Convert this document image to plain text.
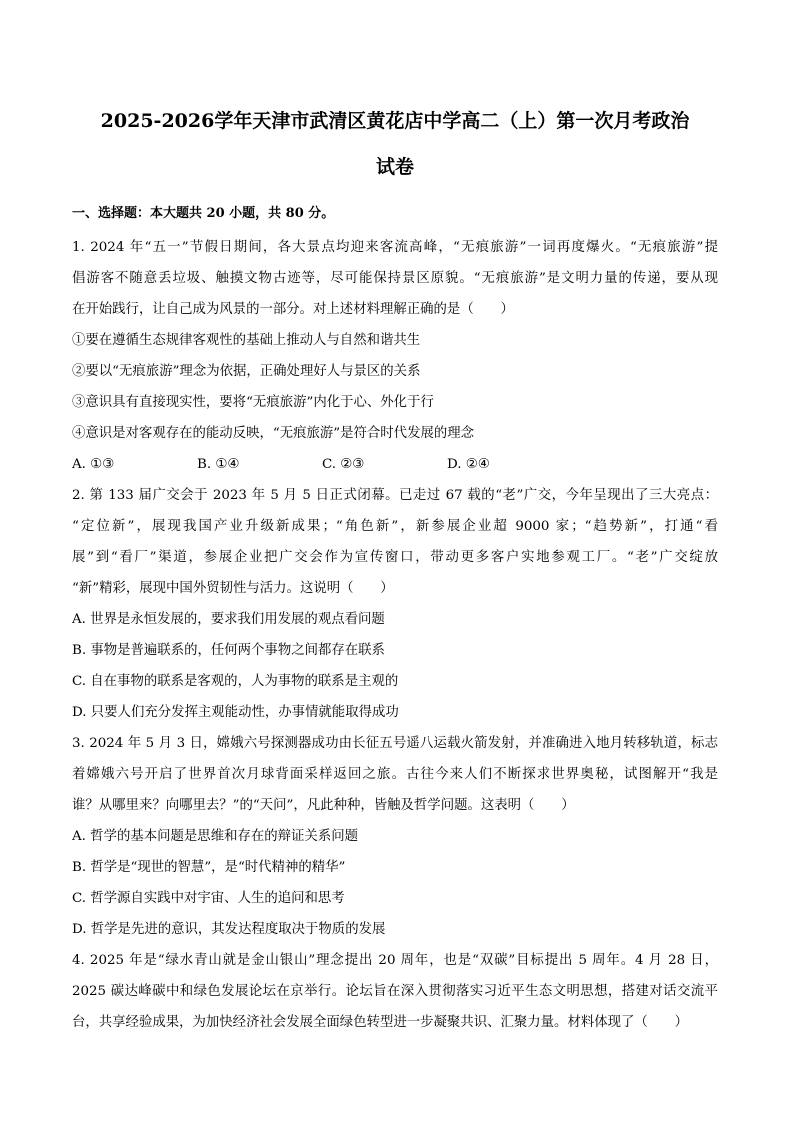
2025-2026学年天津市武清区黄花店中学高二（上）第一次月考政治
试卷
一、选择题：本大题共 20 小题，共 80 分。
1. 2024 年“五一”节假日期间，各大景点均迎来客流高峰，“无痕旅游”一词再度爆火。“无痕旅游”提
倡游客不随意丢垃圾、触摸文物古迹等，尽可能保持景区原貌。“无痕旅游”是文明力量的传递，要从现
在开始践行，让自己成为风景的一部分。对上述材料理解正确的是（　　）
①要在遵循生态规律客观性的基础上推动人与自然和谐共生
②要以“无痕旅游”理念为依据，正确处理好人与景区的关系
③意识具有直接现实性，要将“无痕旅游”内化于心、外化于行
④意识是对客观存在的能动反映，“无痕旅游”是符合时代发展的理念
A. ①③	B. ①④	C. ②③	D. ②④
2. 第 133 届广交会于 2023 年 5 月 5 日正式闭幕。已走过 67 载的“老”广交，今年呈现出了三大亮点：
“定位新”，展现我国产业升级新成果；“角色新”，新参展企业超 9000 家；“趋势新”，打通“看
展”到“看厂”渠道，参展企业把广交会作为宣传窗口，带动更多客户实地参观工厂。“老”广交绽放
“新”精彩，展现中国外贸韧性与活力。这说明（　　）
A. 世界是永恒发展的，要求我们用发展的观点看问题
B. 事物是普遍联系的，任何两个事物之间都存在联系
C. 自在事物的联系是客观的，人为事物的联系是主观的
D. 只要人们充分发挥主观能动性，办事情就能取得成功
3. 2024 年 5 月 3 日，嫦娥六号探测器成功由长征五号遥八运载火箭发射，并准确进入地月转移轨道，标志
着嫦娥六号开启了世界首次月球背面采样返回之旅。古往今来人们不断探求世界奥秘，试图解开“我是
谁？从哪里来？向哪里去？”的“天问”，凡此种种，皆触及哲学问题。这表明（　　）
A. 哲学的基本问题是思维和存在的辩证关系问题
B. 哲学是“现世的智慧”，是“时代精神的精华”
C. 哲学源自实践中对宇宙、人生的追问和思考
D. 哲学是先进的意识，其发达程度取决于物质的发展
4. 2025 年是“绿水青山就是金山银山”理念提出 20 周年，也是“双碳”目标提出 5 周年。4 月 28 日，
2025 碳达峰碳中和绿色发展论坛在京举行。论坛旨在深入贯彻落实习近平生态文明思想，搭建对话交流平
台，共享经验成果，为加快经济社会发展全面绿色转型进一步凝聚共识、汇聚力量。材料体现了（　　）
